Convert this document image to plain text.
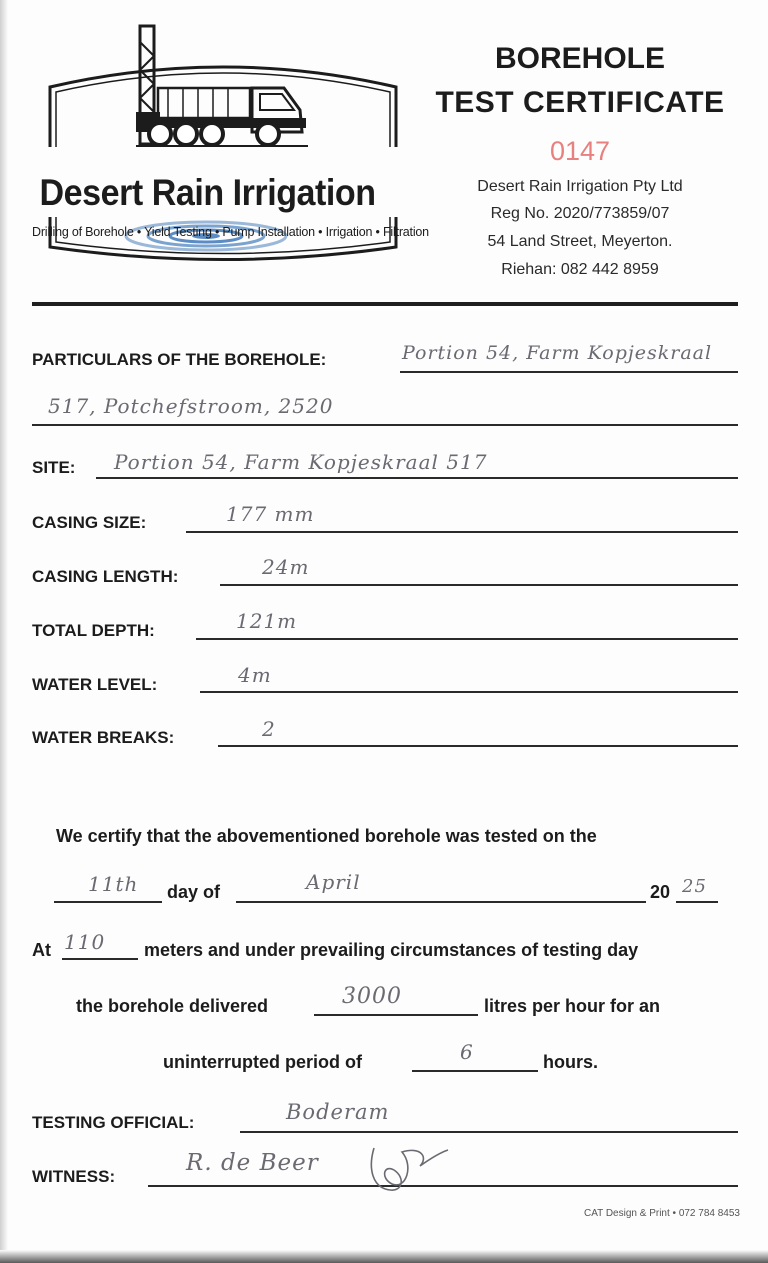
Desert Rain Irrigation
Drilling of Borehole • Yield Testing • Pump Installation • Irrigation • Filtration
BOREHOLE
TEST CERTIFICATE
0147
Desert Rain Irrigation Pty Ltd
Reg No. 2020/773859/07
54 Land Street, Meyerton.
Riehan: 082 442 8959
PARTICULARS OF THE BOREHOLE:	Portion 54, Farm Kopjeskraal
517, Potchefstroom, 2520
SITE: Portion 54, Farm Kopjeskraal 517
CASING SIZE:	177 mm
CASING LENGTH:	24m
TOTAL DEPTH:	121m
WATER LEVEL:	4m
WATER BREAKS:	2
We certify that the abovementioned borehole was tested on the
11th day of	April	20 25
At 110 meters and under prevailing circumstances of testing day
the borehole delivered	3000	litres per hour for an
uninterrupted period of	6	hours.
TESTING OFFICIAL:	Boderam
WITNESS:
R. de Beer
CAT Design & Print • 072 784 8453
